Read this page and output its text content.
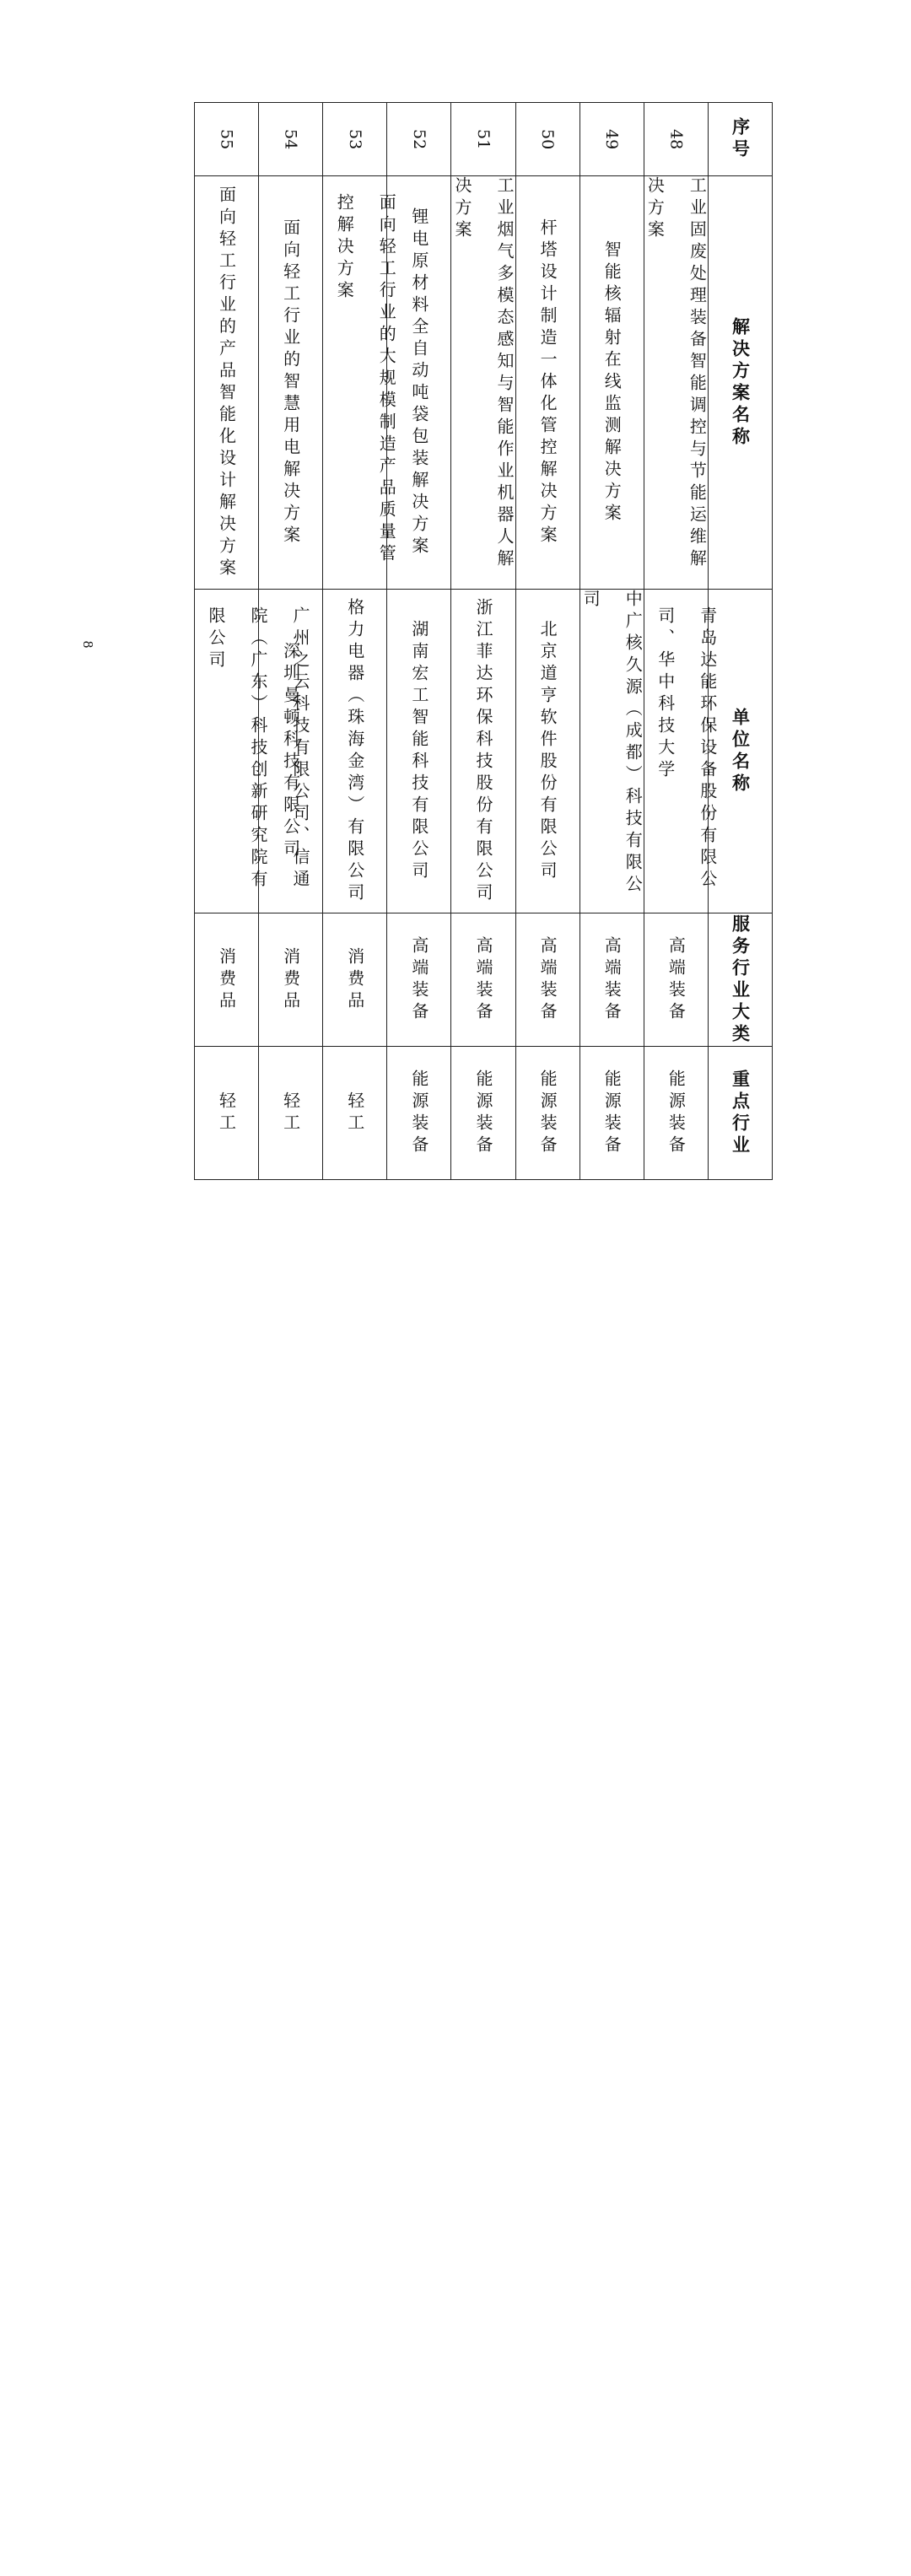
55	54	53	52	51	50	49	48	序号

面向轻工行业的产品智能化设计解决方案	面向轻工行业的智慧用电解决方案	面向轻工行业的大规模制造产品质量管控解决方案	锂电原材料全自动吨袋包装解决方案	工业烟气多模态感知与智能作业机器人解决方案	杆塔设计制造一体化管控解决方案	智能核辐射在线监测解决方案	工业固废处理装备智能调控与节能运维解决方案	解决方案名称

广州之云科技有限公司、信通院（广东）科技创新研究院有限公司	深圳曼顿科技有限公司	格力电器（珠海金湾）有限公司	湖南宏工智能科技有限公司	浙江菲达环保科技股份有限公司	北京道亨软件股份有限公司	中广核久源（成都）科技有限公司	青岛达能环保设备股份有限公司、华中科技大学	单位名称

消费品	消费品	消费品	高端装备	高端装备	高端装备	高端装备	高端装备	服务行业大类

轻工	轻工	轻工	能源装备	能源装备	能源装备	能源装备	能源装备	重点行业
8
